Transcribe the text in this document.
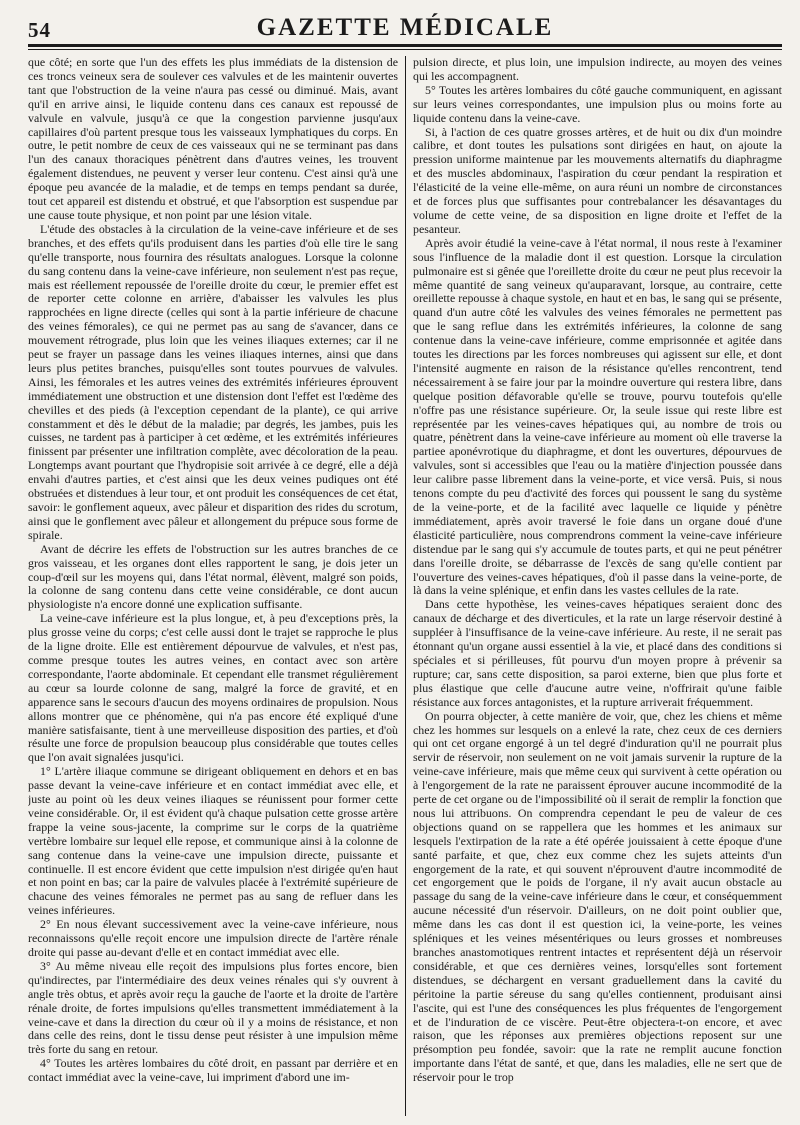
54	GAZETTE MÉDICALE

que côté; en sorte que l'un des effets les plus immédiats de la distension de ces troncs veineux sera de soulever ces valvules et de les maintenir ouvertes tant que l'obstruction de la veine n'aura pas cessé ou diminué. Mais, avant qu'il en arrive ainsi, le liquide contenu dans ces canaux est repoussé de valvule en valvule, jusqu'à ce que la congestion parvienne jusqu'aux capillaires d'où partent presque tous les vaisseaux lymphatiques du corps. En outre, le petit nombre de ceux de ces vaisseaux qui ne se terminant pas dans l'un des canaux thoraciques pénètrent dans d'autres veines, les trouvent également distendues, ne peuvent y verser leur contenu. C'est ainsi qu'à une époque peu avancée de la maladie, et de temps en temps pendant sa durée, tout cet appareil est distendu et obstrué, et que l'absorption est suspendue par une cause toute physique, et non point par une lésion vitale.

L'étude des obstacles à la circulation de la veine-cave inférieure et de ses branches, et des effets qu'ils produisent dans les parties d'où elle tire le sang qu'elle transporte, nous fournira des résultats analogues. Lorsque la colonne du sang contenu dans la veine-cave inférieure, non seulement n'est pas reçue, mais est réellement repoussée de l'oreille droite du cœur, le premier effet est de reporter cette colonne en arrière, d'abaisser les valvules les plus rapprochées en ligne directe (celles qui sont à la partie inférieure de chacune des veines fémorales), ce qui ne permet pas au sang de s'avancer, dans ce mouvement rétrograde, plus loin que les veines iliaques externes; car il ne peut se frayer un passage dans les veines iliaques internes, ainsi que dans leurs plus petites branches, puisqu'elles sont toutes pourvues de valvules. Ainsi, les fémorales et les autres veines des extrémités inférieures éprouvent immédiatement une obstruction et une distension dont l'effet est l'œdème des chevilles et des pieds (à l'exception cependant de la plante), ce qui arrive constamment et dès le début de la maladie; par degrés, les jambes, puis les cuisses, ne tardent pas à participer à cet œdème, et les extrémités inférieures finissent par présenter une infiltration complète, avec décoloration de la peau. Longtemps avant pourtant que l'hydropisie soit arrivée à ce degré, elle a déjà envahi d'autres parties, et c'est ainsi que les deux veines pudiques ont été obstruées et distendues à leur tour, et ont produit les conséquences de cet état, savoir: le gonflement aqueux, avec pâleur et disparition des rides du scrotum, ainsi que le gonflement avec pâleur et allongement du prépuce sous forme de spirale.

Avant de décrire les effets de l'obstruction sur les autres branches de ce gros vaisseau, et les organes dont elles rapportent le sang, je dois jeter un coup-d'œil sur les moyens qui, dans l'état normal, élèvent, malgré son poids, la colonne de sang contenu dans cette veine considérable, ce dont aucun physiologiste n'a encore donné une explication suffisante.

La veine-cave inférieure est la plus longue, et, à peu d'exceptions près, la plus grosse veine du corps; c'est celle aussi dont le trajet se rapproche le plus de la ligne droite. Elle est entièrement dépourvue de valvules, et n'est pas, comme presque toutes les autres veines, en contact avec son artère correspondante, l'aorte abdominale. Et cependant elle transmet régulièrement au cœur sa lourde colonne de sang, malgré la force de gravité, et en apparence sans le secours d'aucun des moyens ordinaires de propulsion. Nous allons montrer que ce phénomène, qui n'a pas encore été expliqué d'une manière satisfaisante, tient à une merveilleuse disposition des parties, et d'où résulte une force de propulsion beaucoup plus considérable que toutes celles que l'on avait signalées jusqu'ici.

1° L'artère iliaque commune se dirigeant obliquement en dehors et en bas passe devant la veine-cave inférieure et en contact immédiat avec elle, et juste au point où les deux veines iliaques se réunissent pour former cette veine considérable. Or, il est évident qu'à chaque pulsation cette grosse artère frappe la veine sous-jacente, la comprime sur le corps de la quatrième vertèbre lombaire sur lequel elle repose, et communique ainsi à la colonne de sang contenue dans la veine-cave une impulsion directe, puissante et continuelle. Il est encore évident que cette impulsion n'est dirigée qu'en haut et non point en bas; car la paire de valvules placée à l'extrémité supérieure de chacune des veines fémorales ne permet pas au sang de refluer dans les veines inférieures.

2° En nous élevant successivement avec la veine-cave inférieure, nous reconnaissons qu'elle reçoit encore une impulsion directe de l'artère rénale droite qui passe au-devant d'elle et en contact immédiat avec elle.

3° Au même niveau elle reçoit des impulsions plus fortes encore, bien qu'indirectes, par l'intermédiaire des deux veines rénales qui s'y ouvrent à angle très obtus, et après avoir reçu la gauche de l'aorte et la droite de l'artère rénale droite, de fortes impulsions qu'elles transmettent immédiatement à la veine-cave et dans la direction du cœur où il y a moins de résistance, et non dans celle des reins, dont le tissu dense peut résister à une impulsion même très forte du sang en retour.

4° Toutes les artères lombaires du côté droit, en passant par derrière et en contact immédiat avec la veine-cave, lui impriment d'abord une im-

pulsion directe, et plus loin, une impulsion indirecte, au moyen des veines qui les accompagnent.

5° Toutes les artères lombaires du côté gauche communiquent, en agissant sur leurs veines correspondantes, une impulsion plus ou moins forte au liquide contenu dans la veine-cave.

Si, à l'action de ces quatre grosses artères, et de huit ou dix d'un moindre calibre, et dont toutes les pulsations sont dirigées en haut, on ajoute la pression uniforme maintenue par les mouvements alternatifs du diaphragme et des muscles abdominaux, l'aspiration du cœur pendant la respiration et l'élasticité de la veine elle-même, on aura réuni un nombre de circonstances et de forces plus que suffisantes pour contrebalancer les désavantages du volume de cette veine, de sa disposition en ligne droite et l'effet de la pesanteur.

Après avoir étudié la veine-cave à l'état normal, il nous reste à l'examiner sous l'influence de la maladie dont il est question. Lorsque la circulation pulmonaire est si gênée que l'oreillette droite du cœur ne peut plus recevoir la même quantité de sang veineux qu'auparavant, lorsque, au contraire, cette oreillette repousse à chaque systole, en haut et en bas, le sang qui se présente, quand d'un autre côté les valvules des veines fémorales ne permettent pas que le sang reflue dans les extrémités inférieures, la colonne de sang contenue dans la veine-cave inférieure, comme emprisonnée et agitée dans toutes les directions par les forces nombreuses qui agissent sur elle, et dont l'intensité augmente en raison de la résistance qu'elles rencontrent, tend nécessairement à se faire jour par la moindre ouverture qui restera libre, dans quelque position défavorable qu'elle se trouve, pourvu toutefois qu'elle n'offre pas une résistance supérieure. Or, la seule issue qui reste libre est représentée par les veines-caves hépatiques qui, au nombre de trois ou quatre, pénètrent dans la veine-cave inférieure au moment où elle traverse la partiee aponévrotique du diaphragme, et dont les ouvertures, dépourvues de valvules, sont si accessibles que l'eau ou la matière d'injection poussée dans leur calibre passe librement dans la veine-porte, et vice versâ. Puis, si nous tenons compte du peu d'activité des forces qui poussent le sang du système de la veine-porte, et de la facilité avec laquelle ce liquide y pénètre immédiatement, après avoir traversé le foie dans un organe doué d'une élasticité particulière, nous comprendrons comment la veine-cave inférieure distendue par le sang qui s'y accumule de toutes parts, et qui ne peut pénétrer dans l'oreille droite, se débarrasse de l'excès de sang qu'elle contient par l'ouverture des veines-caves hépatiques, d'où il passe dans la veine-porte, de là dans la veine splénique, et enfin dans les vastes cellules de la rate.

Dans cette hypothèse, les veines-caves hépatiques seraient donc des canaux de décharge et des diverticules, et la rate un large réservoir destiné à suppléer à l'insuffisance de la veine-cave inférieure. Au reste, il ne serait pas étonnant qu'un organe aussi essentiel à la vie, et placé dans des conditions si spéciales et si périlleuses, fût pourvu d'un moyen propre à prévenir sa rupture; car, sans cette disposition, sa paroi externe, bien que plus forte et plus élastique que celle d'aucune autre veine, n'offrirait qu'une faible résistance aux forces antagonistes, et la rupture arriverait fréquemment.

On pourra objecter, à cette manière de voir, que, chez les chiens et même chez les hommes sur lesquels on a enlevé la rate, chez ceux de ces derniers qui ont cet organe engorgé à un tel degré d'induration qu'il ne pourrait plus servir de réservoir, non seulement on ne voit jamais survenir la rupture de la veine-cave inférieure, mais que même ceux qui survivent à cette opération ou à l'engorgement de la rate ne paraissent éprouver aucune incommodité de la perte de cet organe ou de l'impossibilité où il serait de remplir la fonction que nous lui attribuons. On comprendra cependant le peu de valeur de ces objections quand on se rappellera que les hommes et les animaux sur lesquels l'extirpation de la rate a été opérée jouissaient à cette époque d'une santé parfaite, et que, chez eux comme chez les sujets atteints d'un engorgement de la rate, et qui souvent n'éprouvent d'autre incommodité de cet engorgement que le poids de l'organe, il n'y avait aucun obstacle au passage du sang de la veine-cave inférieure dans le cœur, et conséquemment aucune nécessité d'un réservoir. D'ailleurs, on ne doit point oublier que, même dans les cas dont il est question ici, la veine-porte, les veines spléniques et les veines mésentériques ou leurs grosses et nombreuses branches anastomotiques rentrent intactes et représentent déjà un réservoir considérable, et que ces dernières veines, lorsqu'elles sont fortement distendues, se déchargent en versant graduellement dans la cavité du péritoine la partie séreuse du sang qu'elles contiennent, produisant ainsi l'ascite, qui est l'une des conséquences les plus fréquentes de l'engorgement et de l'induration de ce viscère. Peut-être objectera-t-on encore, et avec raison, que les réponses aux premières objections reposent sur une présomption peu fondée, savoir: que la rate ne remplit aucune fonction importante dans l'état de santé, et que, dans les maladies, elle ne sert que de réservoir pour le trop
